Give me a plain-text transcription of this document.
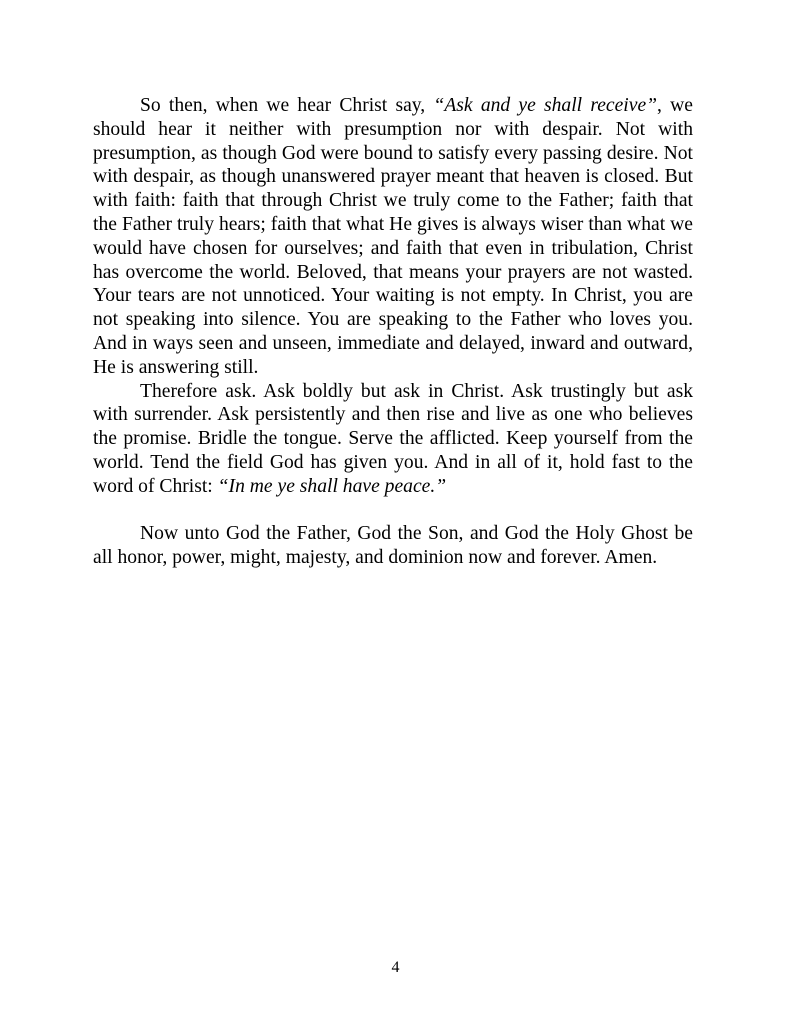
So then, when we hear Christ say, “Ask and ye shall receive”, we should hear it neither with presumption nor with despair. Not with presumption, as though God were bound to satisfy every passing desire. Not with despair, as though unanswered prayer meant that heaven is closed. But with faith: faith that through Christ we truly come to the Father; faith that the Father truly hears; faith that what He gives is always wiser than what we would have chosen for ourselves; and faith that even in tribulation, Christ has overcome the world. Beloved, that means your prayers are not wasted. Your tears are not unnoticed. Your waiting is not empty. In Christ, you are not speaking into silence. You are speaking to the Father who loves you. And in ways seen and unseen, immediate and delayed, inward and outward, He is answering still.

Therefore ask. Ask boldly but ask in Christ. Ask trustingly but ask with surrender. Ask persistently and then rise and live as one who believes the promise. Bridle the tongue. Serve the afflicted. Keep yourself from the world. Tend the field God has given you. And in all of it, hold fast to the word of Christ: “In me ye shall have peace.”

Now unto God the Father, God the Son, and God the Holy Ghost be all honor, power, might, majesty, and dominion now and forever. Amen.

4
